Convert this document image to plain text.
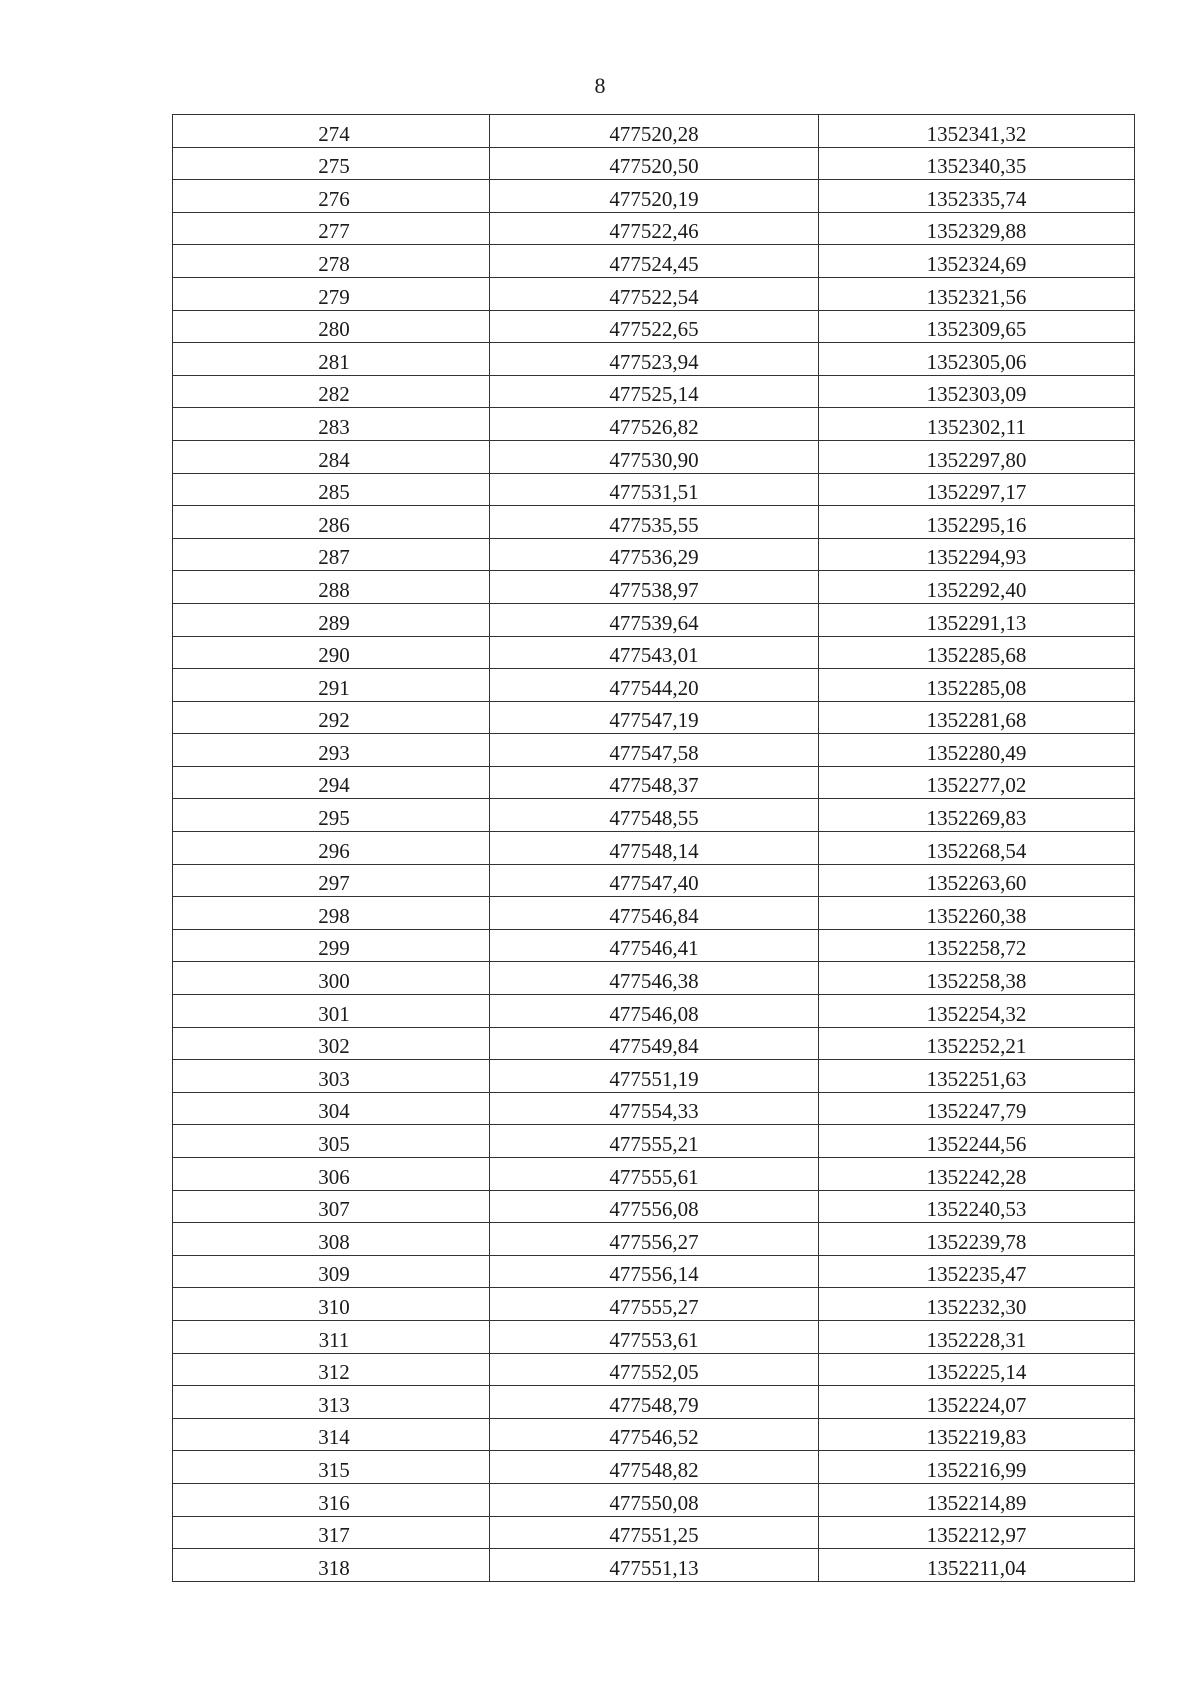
8
274	477520,28	1352341,32
275	477520,50	1352340,35
276	477520,19	1352335,74
277	477522,46	1352329,88
278	477524,45	1352324,69
279	477522,54	1352321,56
280	477522,65	1352309,65
281	477523,94	1352305,06
282	477525,14	1352303,09
283	477526,82	1352302,11
284	477530,90	1352297,80
285	477531,51	1352297,17
286	477535,55	1352295,16
287	477536,29	1352294,93
288	477538,97	1352292,40
289	477539,64	1352291,13
290	477543,01	1352285,68
291	477544,20	1352285,08
292	477547,19	1352281,68
293	477547,58	1352280,49
294	477548,37	1352277,02
295	477548,55	1352269,83
296	477548,14	1352268,54
297	477547,40	1352263,60
298	477546,84	1352260,38
299	477546,41	1352258,72
300	477546,38	1352258,38
301	477546,08	1352254,32
302	477549,84	1352252,21
303	477551,19	1352251,63
304	477554,33	1352247,79
305	477555,21	1352244,56
306	477555,61	1352242,28
307	477556,08	1352240,53
308	477556,27	1352239,78
309	477556,14	1352235,47
310	477555,27	1352232,30
311	477553,61	1352228,31
312	477552,05	1352225,14
313	477548,79	1352224,07
314	477546,52	1352219,83
315	477548,82	1352216,99
316	477550,08	1352214,89
317	477551,25	1352212,97
318	477551,13	1352211,04
